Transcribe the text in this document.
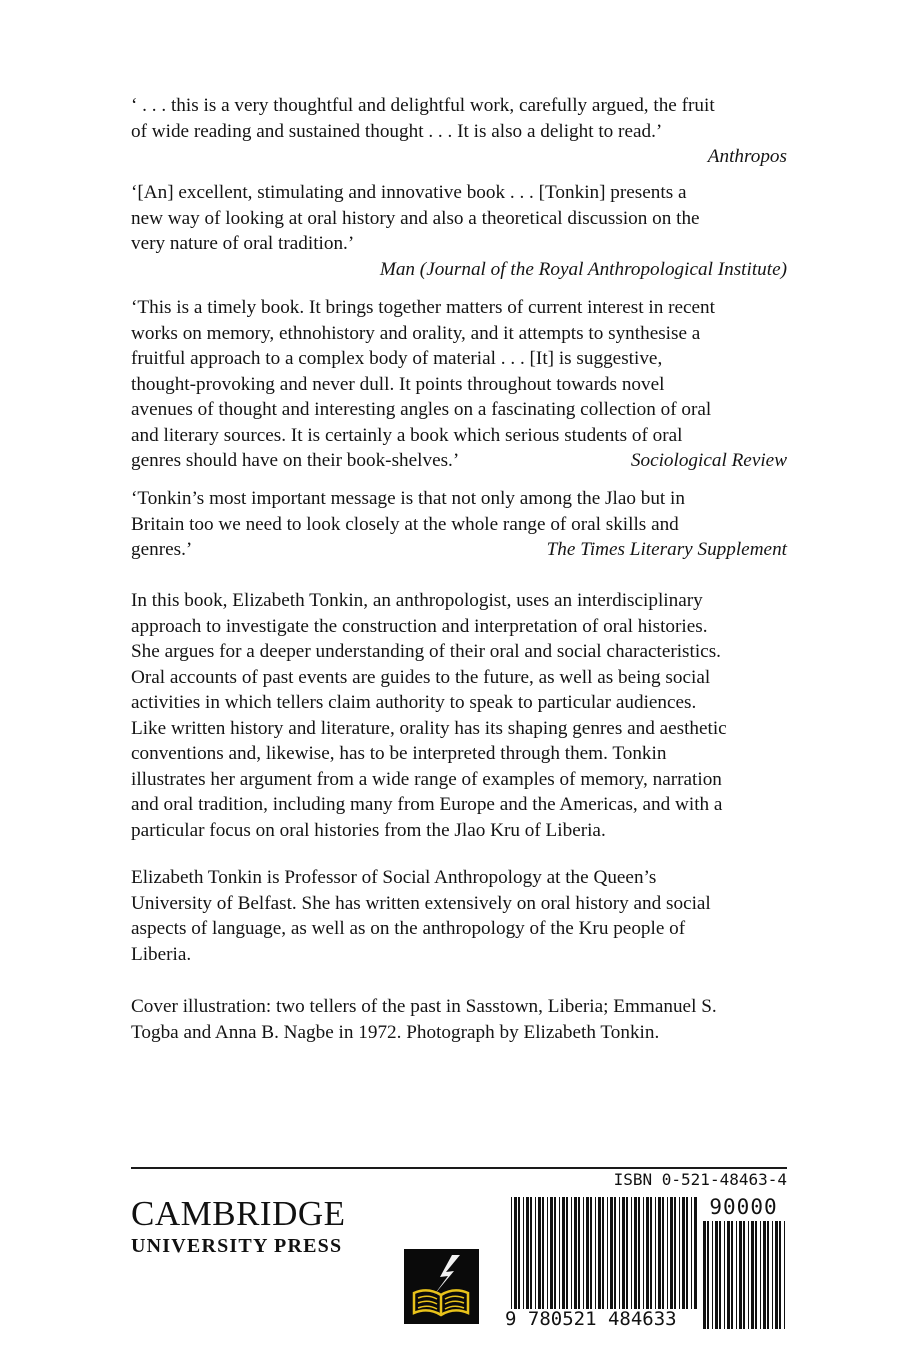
‘ . . . this is a very thoughtful and delightful work, carefully argued, the fruit
of wide reading and sustained thought . . . It is also a delight to read.’
Anthropos
‘[An] excellent, stimulating and innovative book . . . [Tonkin] presents a
new way of looking at oral history and also a theoretical discussion on the
very nature of oral tradition.’
Man (Journal of the Royal Anthropological Institute)
‘This is a timely book. It brings together matters of current interest in recent
works on memory, ethnohistory and orality, and it attempts to synthesise a
fruitful approach to a complex body of material . . . [It] is suggestive,
thought-provoking and never dull. It points throughout towards novel
avenues of thought and interesting angles on a fascinating collection of oral
and literary sources. It is certainly a book which serious students of oral
genres should have on their book-shelves.’	Sociological Review
‘Tonkin’s most important message is that not only among the Jlao but in
Britain too we need to look closely at the whole range of oral skills and
genres.’	The Times Literary Supplement
In this book, Elizabeth Tonkin, an anthropologist, uses an interdisciplinary
approach to investigate the construction and interpretation of oral histories.
She argues for a deeper understanding of their oral and social characteristics.
Oral accounts of past events are guides to the future, as well as being social
activities in which tellers claim authority to speak to particular audiences.
Like written history and literature, orality has its shaping genres and aesthetic
conventions and, likewise, has to be interpreted through them. Tonkin
illustrates her argument from a wide range of examples of memory, narration
and oral tradition, including many from Europe and the Americas, and with a
particular focus on oral histories from the Jlao Kru of Liberia.
Elizabeth Tonkin is Professor of Social Anthropology at the Queen’s
University of Belfast. She has written extensively on oral history and social
aspects of language, as well as on the anthropology of the Kru people of
Liberia.
Cover illustration: two tellers of the past in Sasstown, Liberia; Emmanuel S.
Togba and Anna B. Nagbe in 1972. Photograph by Elizabeth Tonkin.
CAMBRIDGE
UNIVERSITY PRESS
ISBN 0-521-48463-4
90000
9 780521 484633
